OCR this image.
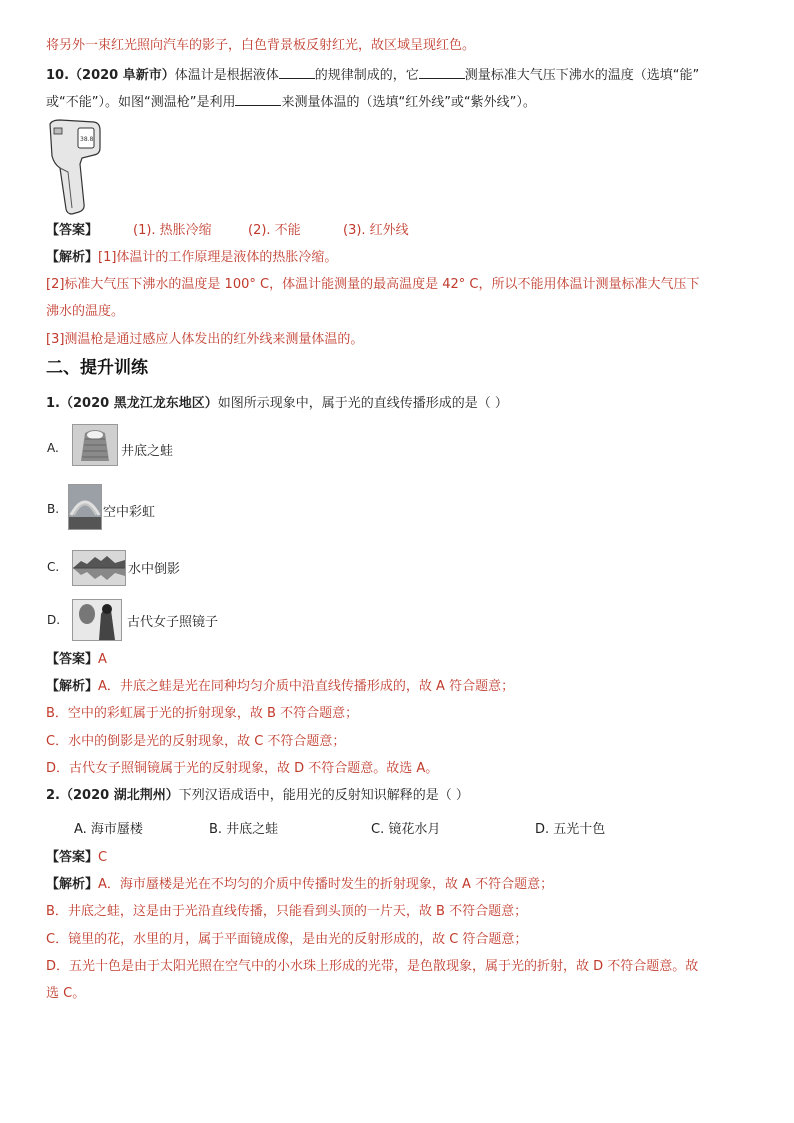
将另外一束红光照向汽车的影子，白色背景板反射红光，故区域呈现红色。
10.（2020 阜新市）体温计是根据液体	的规律制成的，它	测量标准大气压下沸水的温度（选填“能”
或“不能”）。如图“测温枪”是利用	来测量体温的（选填“红外线”或“紫外线”）。
38.8
【答案】	(1). 热胀冷缩	(2). 不能	(3). 红外线
【解析】[1]体温计的工作原理是液体的热胀冷缩。
[2]标准大气压下沸水的温度是 100° C，体温计能测量的最高温度是 42° C，所以不能用体温计测量标准大气压下
沸水的温度。
[3]测温枪是通过感应人体发出的红外线来测量体温的。
二、提升训练
1.（2020 黑龙江龙东地区）如图所示现象中，属于光的直线传播形成的是（ ）
A.	井底之蛙
B.	空中彩虹
C.	水中倒影
D.	古代女子照镜子
【答案】A
【解析】A．井底之蛙是光在同种均匀介质中沿直线传播形成的，故 A 符合题意；
B．空中的彩虹属于光的折射现象，故 B 不符合题意；
C．水中的倒影是光的反射现象，故 C 不符合题意；
D．古代女子照铜镜属于光的反射现象，故 D 不符合题意。故选 A。
2.（2020 湖北荆州）下列汉语成语中，能用光的反射知识解释的是（ ）
A. 海市蜃楼	B. 井底之蛙	C. 镜花水月	D. 五光十色
【答案】C
【解析】A．海市蜃楼是光在不均匀的介质中传播时发生的折射现象，故 A 不符合题意；
B．井底之蛙，这是由于光沿直线传播，只能看到头顶的一片天，故 B 不符合题意；
C．镜里的花，水里的月，属于平面镜成像，是由光的反射形成的，故 C 符合题意；
D．五光十色是由于太阳光照在空气中的小水珠上形成的光带，是色散现象，属于光的折射，故 D 不符合题意。故
选 C。
